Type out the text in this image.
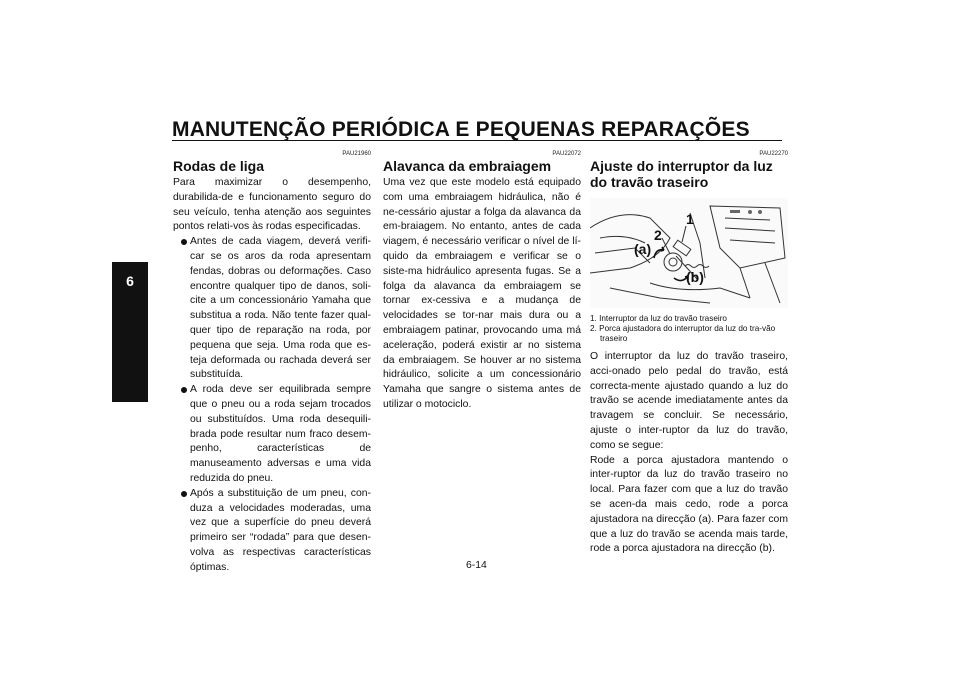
MANUTENÇÃO PERIÓDICA E PEQUENAS REPARAÇÕES
6
PAU21960
Rodas de liga

Para maximizar o desempenho, durabilida-de e funcionamento seguro do seu veículo, tenha atenção aos seguintes pontos relati-vos às rodas especificadas.

Antes de cada viagem, deverá verifi-car se os aros da roda apresentam fendas, dobras ou deformações. Caso encontre qualquer tipo de danos, soli-cite a um concessionário Yamaha que substitua a roda. Não tente fazer qual-quer tipo de reparação na roda, por pequena que seja. Uma roda que es-teja deformada ou rachada deverá ser substituída.
A roda deve ser equilibrada sempre que o pneu ou a roda sejam trocados ou substituídos. Uma roda desequili-brada pode resultar num fraco desem-penho, características de manuseamento adversas e uma vida reduzida do pneu.
Após a substituição de um pneu, con-duza a velocidades moderadas, uma vez que a superfície do pneu deverá primeiro ser “rodada” para que desen-volva as respectivas características óptimas.
PAU22072
Alavanca da embraiagem

Uma vez que este modelo está equipado com uma embraiagem hidráulica, não é ne-cessário ajustar a folga da alavanca da em-braiagem. No entanto, antes de cada viagem, é necessário verificar o nível de lí-quido da embraiagem e verificar se o siste-ma hidráulico apresenta fugas. Se a folga da alavanca da embraiagem se tornar ex-cessiva e a mudança de velocidades se tor-nar mais dura ou a embraiagem patinar, provocando uma má aceleração, poderá existir ar no sistema da embraiagem. Se houver ar no sistema hidráulico, solicite a um concessionário Yamaha que sangre o sistema antes de utilizar o motociclo.

PAU22270
Ajuste do interruptor da luz do travão traseiro
1
2
(a)
(b)
1. Interruptor da luz do travão traseiro
2. Porca ajustadora do interruptor da luz do tra-vão traseiro

O interruptor da luz do travão traseiro, acci-onado pelo pedal do travão, está correcta-mente ajustado quando a luz do travão se acende imediatamente antes da travagem se concluir. Se necessário, ajuste o inter-ruptor da luz do travão, como se segue:

Rode a porca ajustadora mantendo o inter-ruptor da luz do travão traseiro no local. Para fazer com que a luz do travão se acen-da mais cedo, rode a porca ajustadora na direcção (a). Para fazer com que a luz do travão se acenda mais tarde, rode a porca ajustadora na direcção (b).

6-14
